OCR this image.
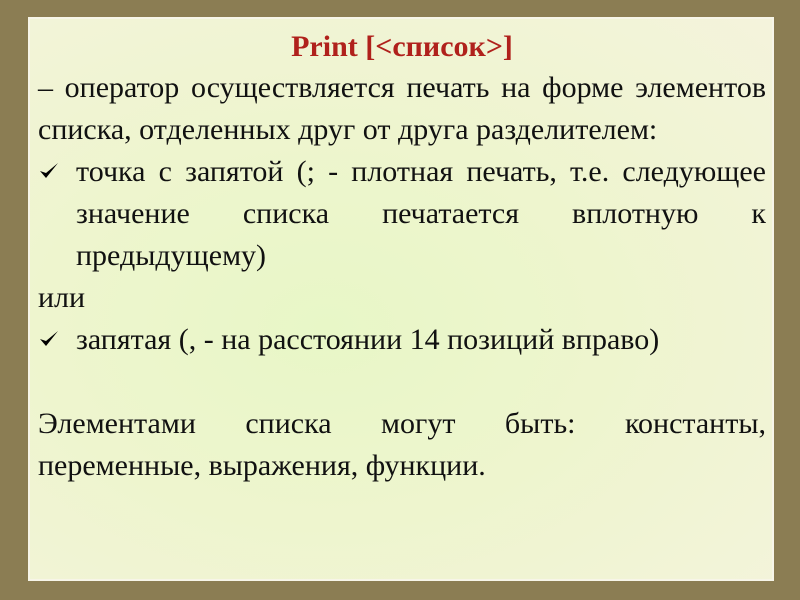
Print [<список>]

– оператор осуществляется печать на форме элементов списка, отделенных друг от друга разделителем:

точка с запятой (; - плотная печать, т.е. следующее значение списка печатается вплотную к предыдущему)

или

запятая (, - на расстоянии 14 позиций вправо)

Элементами списка могут быть: константы, переменные, выражения, функции.
